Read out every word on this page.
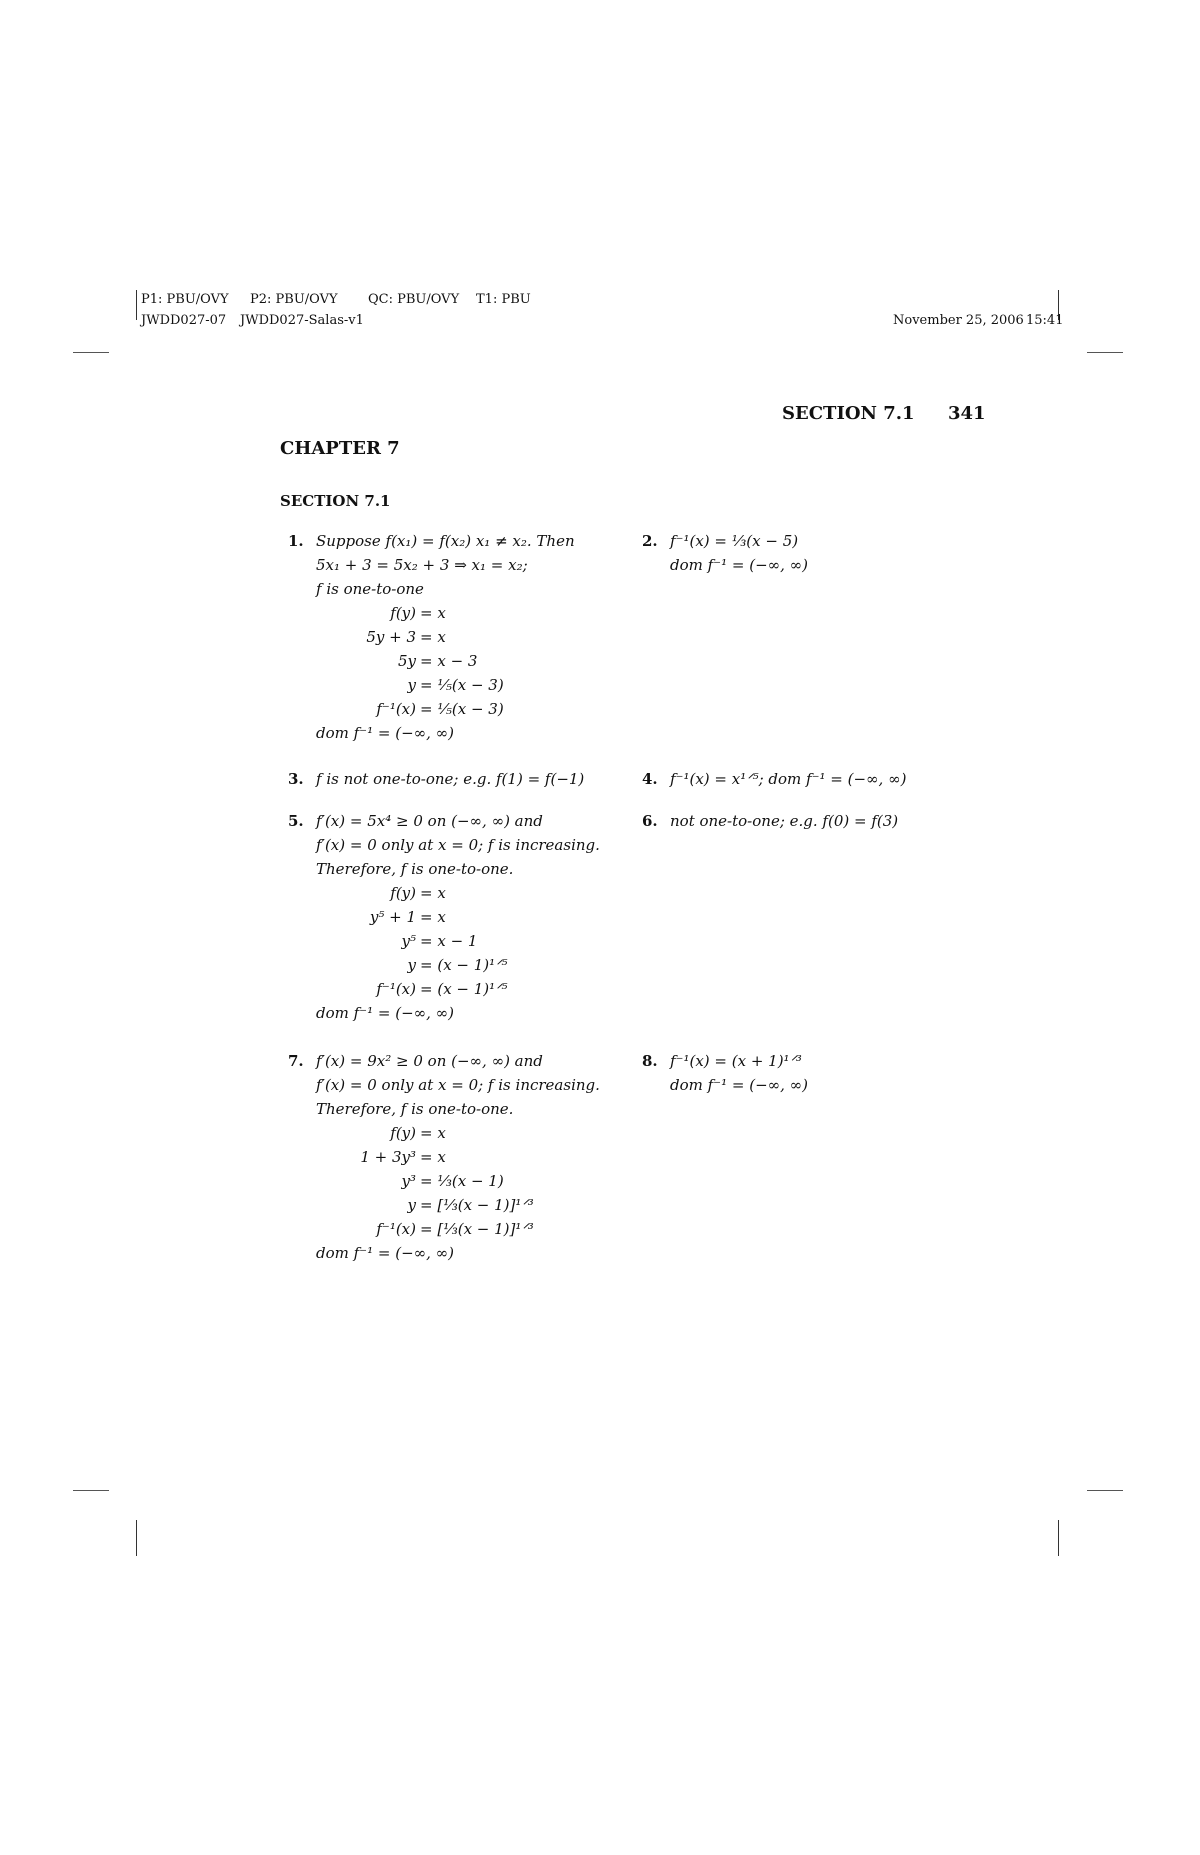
P1: PBU/OVY P2: PBU/OVY QC: PBU/OVY T1: PBU
JWDD027-07 JWDD027-Salas-v1	November 25, 2006 15:41
SECTION 7.1 341
CHAPTER 7
SECTION 7.1
1. Suppose f(x₁) = f(x₂) x₁ ≠ x₂. Then
5x₁ + 3 = 5x₂ + 3 ⇒ x₁ = x₂;
f is one-to-one
f(y) = x
5y + 3 = x
5y = x − 3
y = ⅕(x − 3)
f⁻¹(x) = ⅕(x − 3)
dom f⁻¹ = (−∞, ∞)
2. f⁻¹(x) = ⅓(x − 5)
dom f⁻¹ = (−∞, ∞)
3. f is not one-to-one; e.g. f(1) = f(−1)	4. f⁻¹(x) = x¹ᐟ⁵; dom f⁻¹ = (−∞, ∞)
5. f′(x) = 5x⁴ ≥ 0 on (−∞, ∞) and
f′(x) = 0 only at x = 0; f is increasing.
Therefore, f is one-to-one.
f(y) = x
y⁵ + 1 = x
y⁵ = x − 1
y = (x − 1)¹ᐟ⁵
f⁻¹(x) = (x − 1)¹ᐟ⁵
dom f⁻¹ = (−∞, ∞)
6. not one-to-one; e.g. f(0) = f(3)
7. f′(x) = 9x² ≥ 0 on (−∞, ∞) and
f′(x) = 0 only at x = 0; f is increasing.
Therefore, f is one-to-one.
f(y) = x
1 + 3y³ = x
y³ = ⅓(x − 1)
y = [⅓(x − 1)]¹ᐟ³
f⁻¹(x) = [⅓(x − 1)]¹ᐟ³
dom f⁻¹ = (−∞, ∞)
8. f⁻¹(x) = (x + 1)¹ᐟ³
dom f⁻¹ = (−∞, ∞)
